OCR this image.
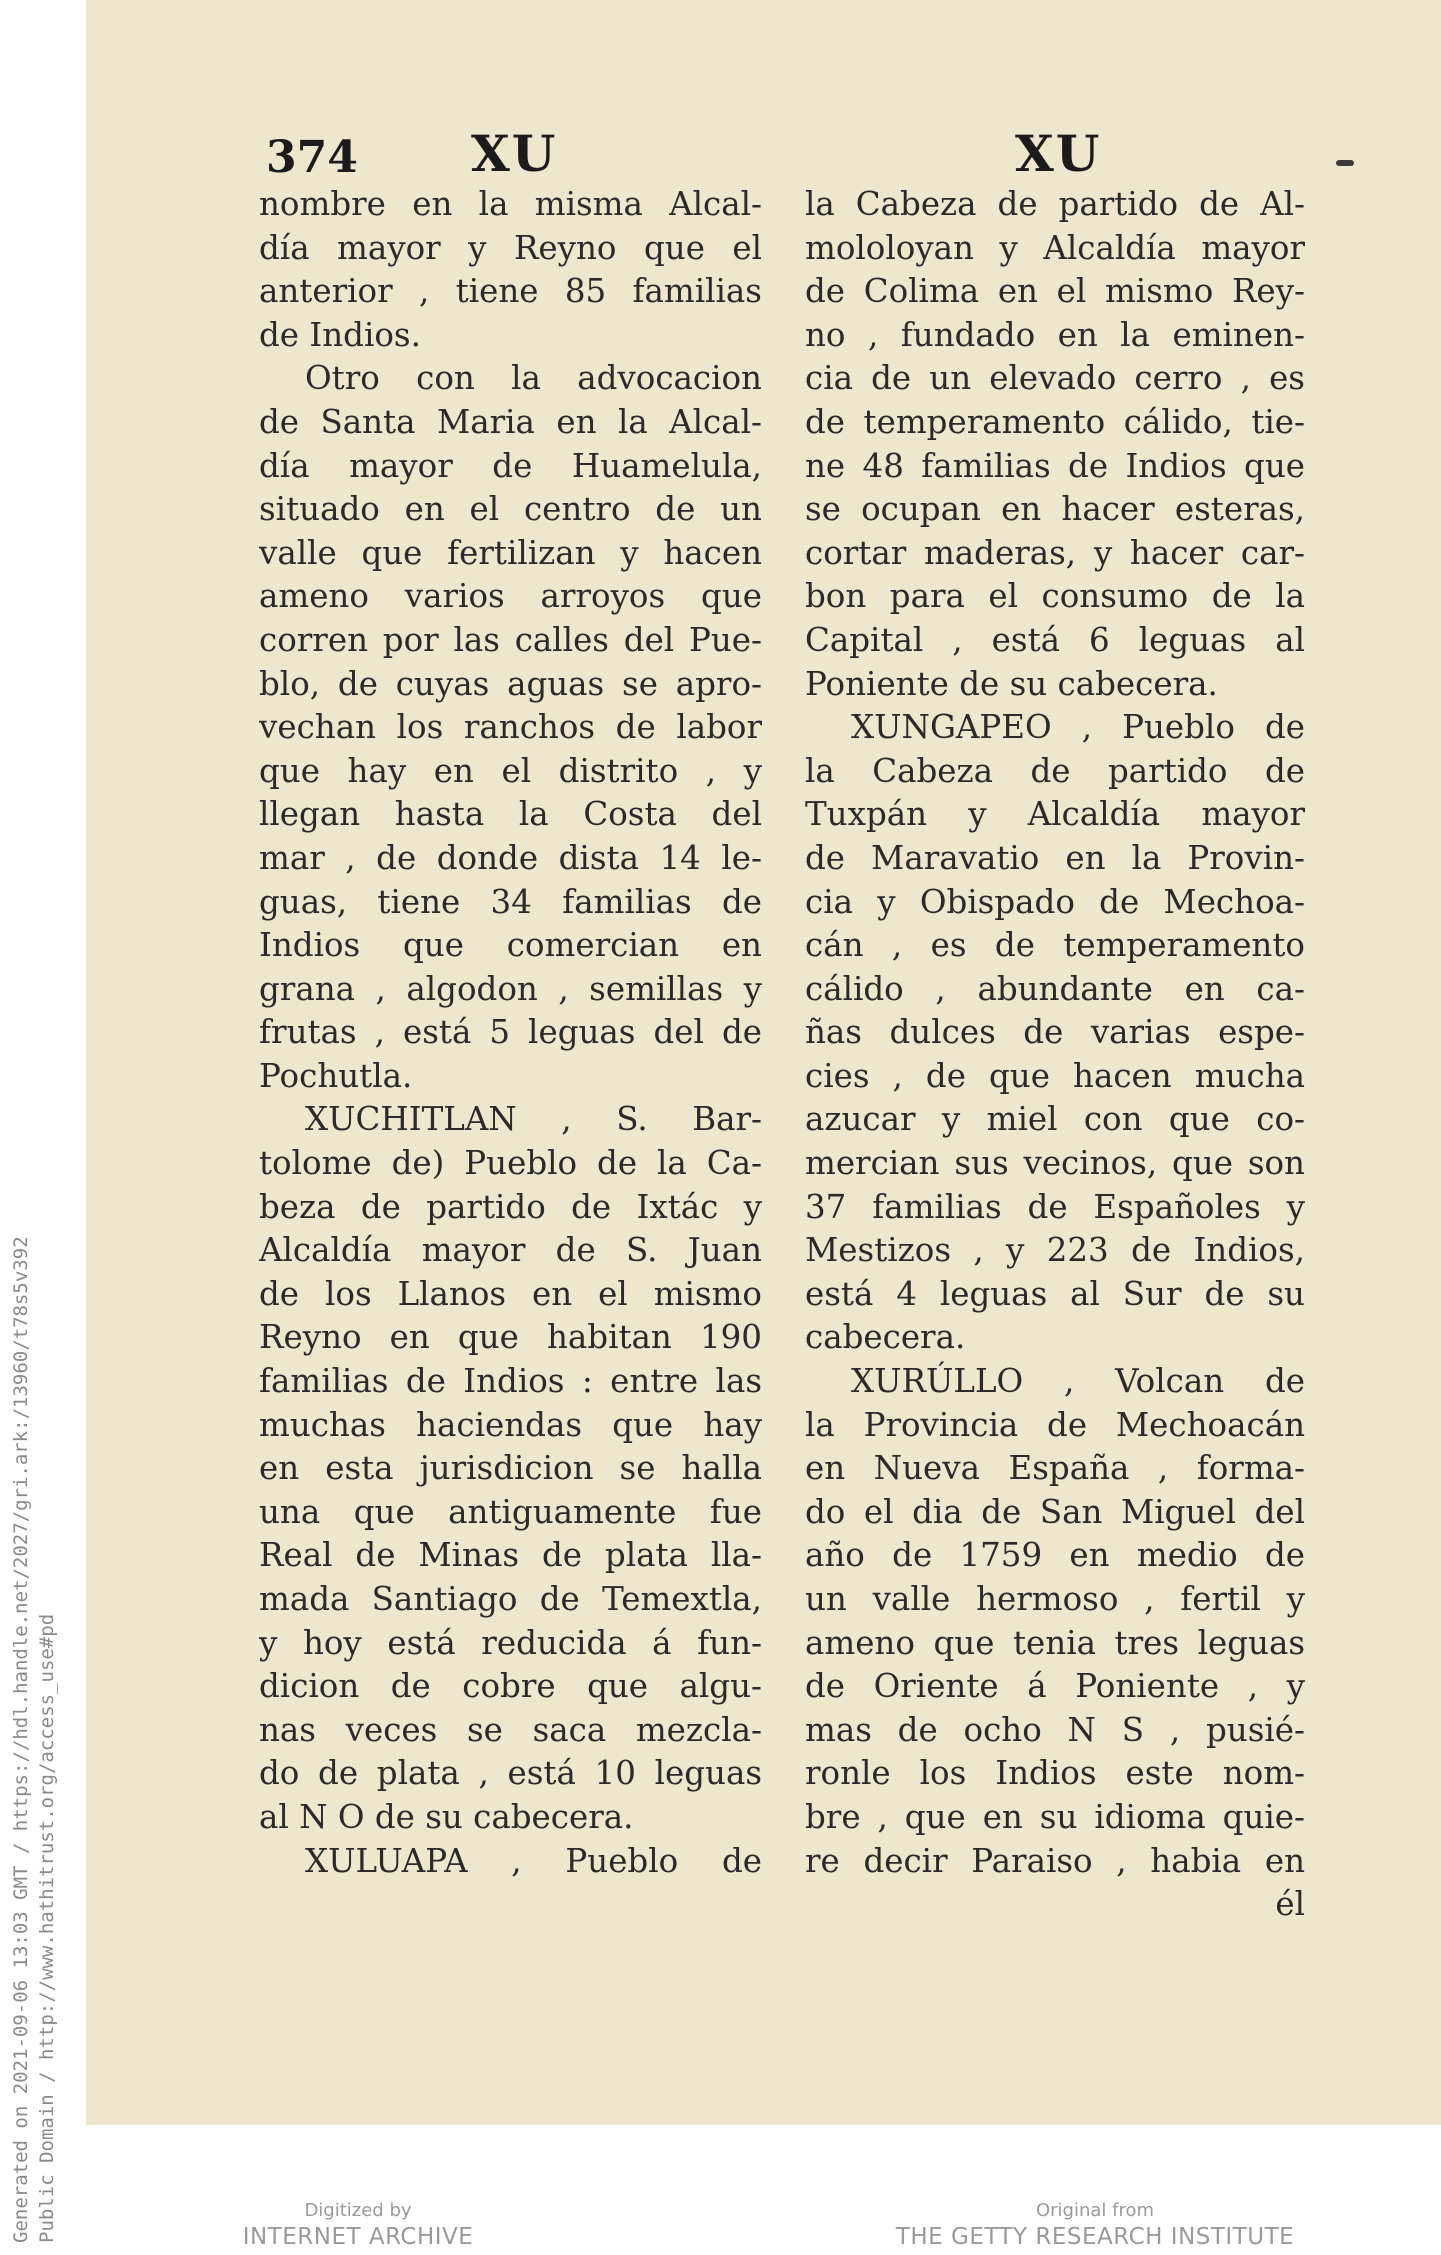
Generated on 2021-09-06 13:03 GMT / https://hdl.handle.net/2027/gri.ark:/13960/t78s5v392 Public Domain / http://www.hathitrust.org/access_use#pd
374 XU	XU
nombre en la misma Alcal-
día mayor y Reyno que el
anterior , tiene 85 familias
de Indios.
Otro con la advocacion
de Santa Maria en la Alcal-
día mayor de Huamelula,
situado en el centro de un
valle que fertilizan y hacen
ameno varios arroyos que
corren por las calles del Pue-
blo, de cuyas aguas se apro-
vechan los ranchos de labor
que hay en el distrito , y
llegan hasta la Costa del
mar , de donde dista 14 le-
guas, tiene 34 familias de
Indios que comercian en
grana , algodon , semillas y
frutas , está 5 leguas del de
Pochutla.
XUCHITLAN , S. Bar-
tolome de) Pueblo de la Ca-
beza de partido de Ixtác y
Alcaldía mayor de S. Juan
de los Llanos en el mismo
Reyno en que habitan 190
familias de Indios : entre las
muchas haciendas que hay
en esta jurisdicion se halla
una que antiguamente fue
Real de Minas de plata lla-
mada Santiago de Temextla,
y hoy está reducida á fun-
dicion de cobre que algu-
nas veces se saca mezcla-
do de plata , está 10 leguas
al N O de su cabecera.
XULUAPA , Pueblo de
la Cabeza de partido de Al-
mololoyan y Alcaldía mayor
de Colima en el mismo Rey-
no , fundado en la eminen-
cia de un elevado cerro , es
de temperamento cálido, tie-
ne 48 familias de Indios que
se ocupan en hacer esteras,
cortar maderas, y hacer car-
bon para el consumo de la
Capital , está 6 leguas al
Poniente de su cabecera.
XUNGAPEO , Pueblo de
la Cabeza de partido de
Tuxpán y Alcaldía mayor
de Maravatio en la Provin-
cia y Obispado de Mechoa-
cán , es de temperamento
cálido , abundante en ca-
ñas dulces de varias espe-
cies , de que hacen mucha
azucar y miel con que co-
mercian sus vecinos, que son
37 familias de Españoles y
Mestizos , y 223 de Indios,
está 4 leguas al Sur de su
cabecera.
XURÚLLO , Volcan de
la Provincia de Mechoacán
en Nueva España , forma-
do el dia de San Miguel del
año de 1759 en medio de
un valle hermoso , fertil y
ameno que tenia tres leguas
de Oriente á Poniente , y
mas de ocho N S , pusié-
ronle los Indios este nom-
bre , que en su idioma quie-
re decir Paraiso , habia en
él
Digitized by
INTERNET ARCHIVE
Original from
THE GETTY RESEARCH INSTITUTE
